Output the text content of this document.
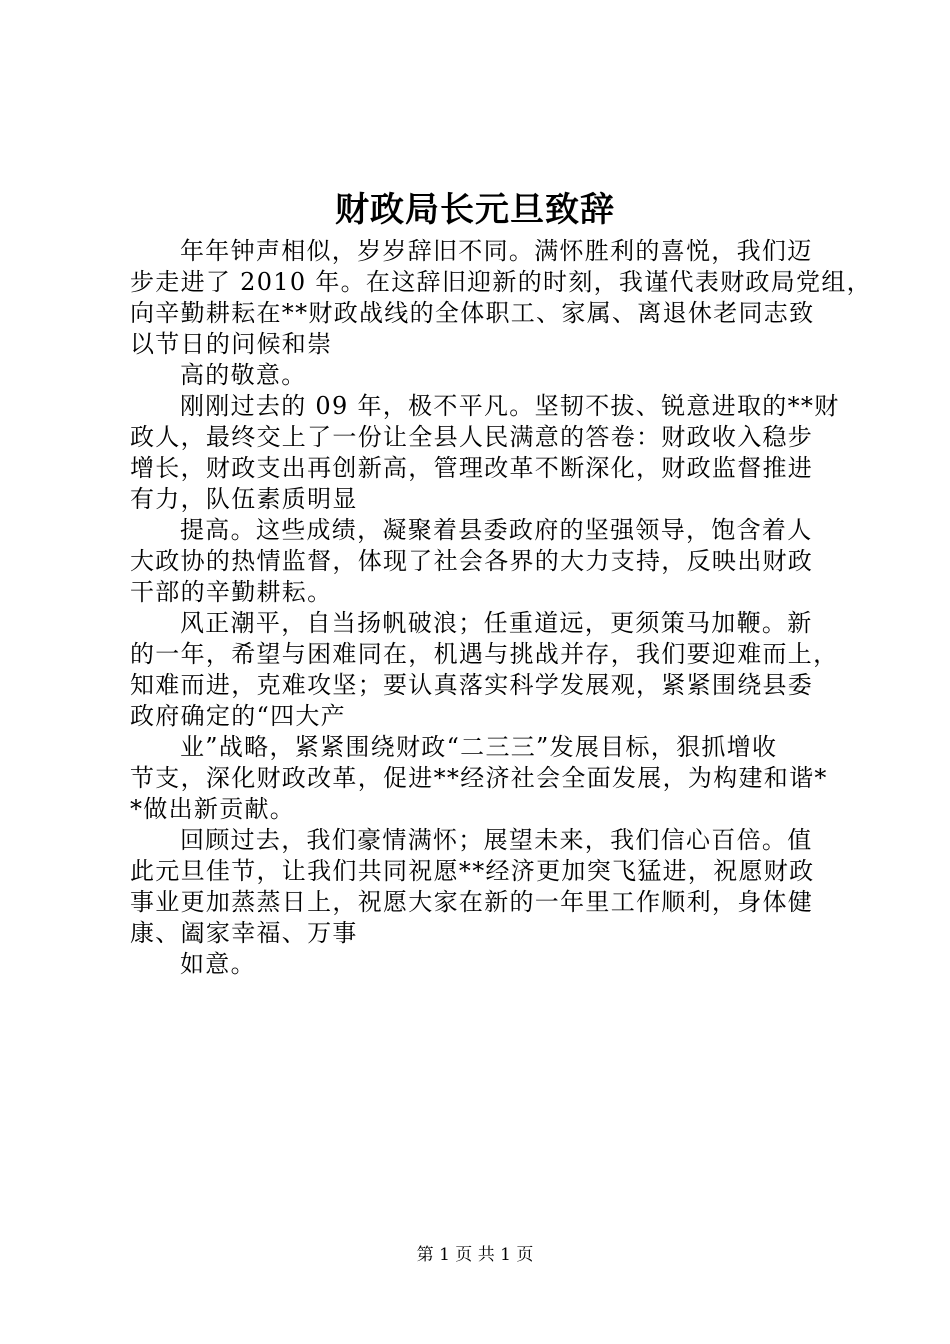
财政局长元旦致辞

年年钟声相似，岁岁辞旧不同。满怀胜利的喜悦，我们迈
步走进了 2010 年。在这辞旧迎新的时刻，我谨代表财政局党组，
向辛勤耕耘在**财政战线的全体职工、家属、离退休老同志致
以节日的问候和崇

高的敬意。

刚刚过去的 09 年，极不平凡。坚韧不拔、锐意进取的**财
政人，最终交上了一份让全县人民满意的答卷：财政收入稳步
增长，财政支出再创新高，管理改革不断深化，财政监督推进
有力，队伍素质明显

提高。这些成绩，凝聚着县委政府的坚强领导，饱含着人
大政协的热情监督，体现了社会各界的大力支持，反映出财政
干部的辛勤耕耘。

风正潮平，自当扬帆破浪；任重道远，更须策马加鞭。新
的一年，希望与困难同在，机遇与挑战并存，我们要迎难而上，
知难而进，克难攻坚；要认真落实科学发展观，紧紧围绕县委
政府确定的“四大产

业”战略，紧紧围绕财政“二三三”发展目标，狠抓增收
节支，深化财政改革，促进**经济社会全面发展，为构建和谐*
*做出新贡献。

回顾过去，我们豪情满怀；展望未来，我们信心百倍。值
此元旦佳节，让我们共同祝愿**经济更加突飞猛进，祝愿财政
事业更加蒸蒸日上，祝愿大家在新的一年里工作顺利，身体健
康、阖家幸福、万事

如意。

第 1 页 共 1 页
